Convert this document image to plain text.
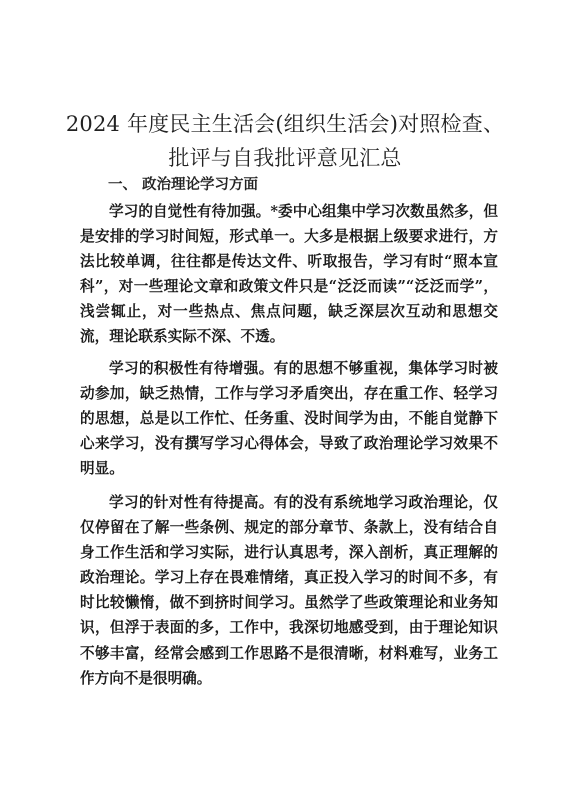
2024 年度民主生活会(组织生活会)对照检查、
批评与自我批评意见汇总

一、 政治理论学习方面

学习的自觉性有待加强。*委中心组集中学习次数虽然多，但是安排的学习时间短，形式单一。大多是根据上级要求进行，方法比较单调，往往都是传达文件、听取报告，学习有时“照本宣科”，对一些理论文章和政策文件只是“泛泛而读”“泛泛而学”，浅尝辄止，对一些热点、焦点问题，缺乏深层次互动和思想交流，理论联系实际不深、不透。

学习的积极性有待增强。有的思想不够重视，集体学习时被动参加，缺乏热情，工作与学习矛盾突出，存在重工作、轻学习的思想，总是以工作忙、任务重、没时间学为由，不能自觉静下心来学习，没有撰写学习心得体会，导致了政治理论学习效果不明显。

学习的针对性有待提高。有的没有系统地学习政治理论，仅仅停留在了解一些条例、规定的部分章节、条款上，没有结合自身工作生活和学习实际，进行认真思考，深入剖析，真正理解的政治理论。学习上存在畏难情绪，真正投入学习的时间不多，有时比较懒惰，做不到挤时间学习。虽然学了些政策理论和业务知识，但浮于表面的多，工作中，我深切地感受到，由于理论知识不够丰富，经常会感到工作思路不是很清晰，材料难写，业务工作方向不是很明确。
